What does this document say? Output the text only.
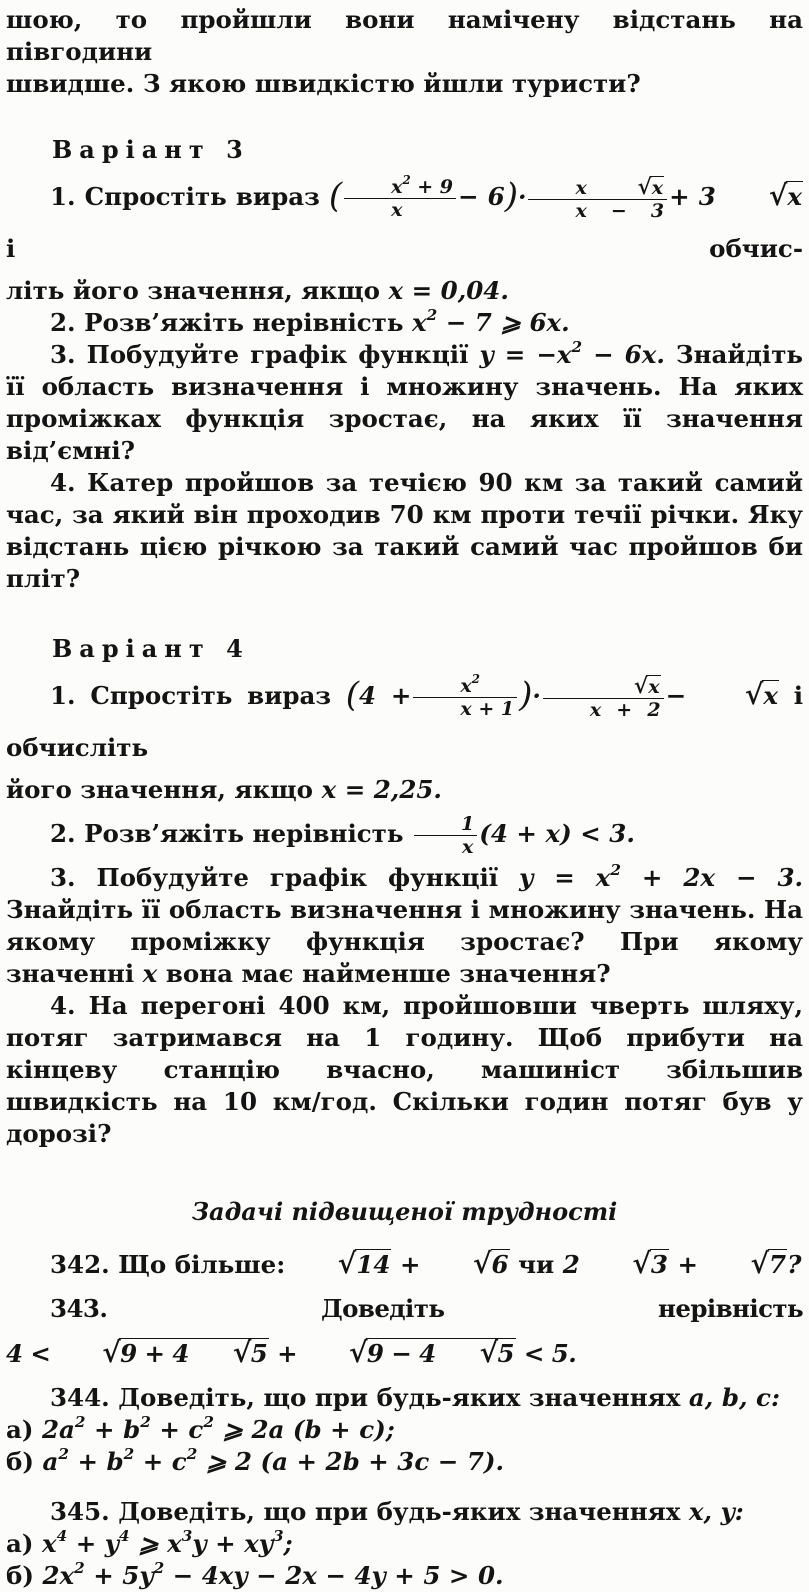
шою, то пройшли вони намічену відстань на півгодини

швидше. З якою швидкістю йшли туристи?

Варіант 3

1. Спростіть вираз ( $\frac{x^2 + 9}{x} - 6)\cdot \frac{x √x}{x - 3} + 3$ √x і обчис-

літь його значення, якщо x = 0,04.

2. Розв’яжіть нерівність $x^2 - 7$ ⩾ 6x.

3. Побудуйте графік функції $y = -x^2 - 6x$. Знайдіть її область визначення і множину значень. На яких проміжках функція зростає, на яких її значення від’ємні?

4. Катер пройшов за течією 90 км за такий самий час, за який він проходив 70 км проти течії річки. Яку відстань цією річкою за такий самий час пройшов би пліт?

Варіант 4

1. Спростіть вираз ($4 + \frac{x^2}{x + 1}$ )· $\frac{√x}{x + 2} - √x$ і обчисліть

його значення, якщо x = 2,25.

2. Розв’яжіть нерівність $\frac{1}{x} (4 + x) < 3$.

3. Побудуйте графік функції $y = x^2 + 2x - 3$. Знайдіть її область визначення і множину значень. На якому проміжку функція зростає? При якому значенні x вона має найменше значення?

4. На перегоні 400 км, пройшовши чверть шляху, потяг затримався на 1 годину. Щоб прибути на кінцеву станцію вчасно, машиніст збільшив швидкість на 10 км/год. Скільки годин потяг був у дорозі?

Задачі підвищеної трудності

342. Що більше: √14 + √6 чи 2 √3 + √7?

343. Доведіть нерівність 4 < √9 + 4 √5 + √9 − 4 √5 < 5.

344. Доведіть, що при будь-яких значеннях a, b, c:

а) $2a^2 + b^2 + c^2$ ⩾ 2a (b + c);

б) $a^2 + b^2 + c^2$ ⩾ 2 (a + 2b + 3c − 7).

345. Доведіть, що при будь-яких значеннях x, y:

а) $x^4 + y^4$ ⩾ $x^3y + xy^3$;

б) $2x^2 + 5y^2 - 4xy - 2x - 4y + 5 > 0$.
